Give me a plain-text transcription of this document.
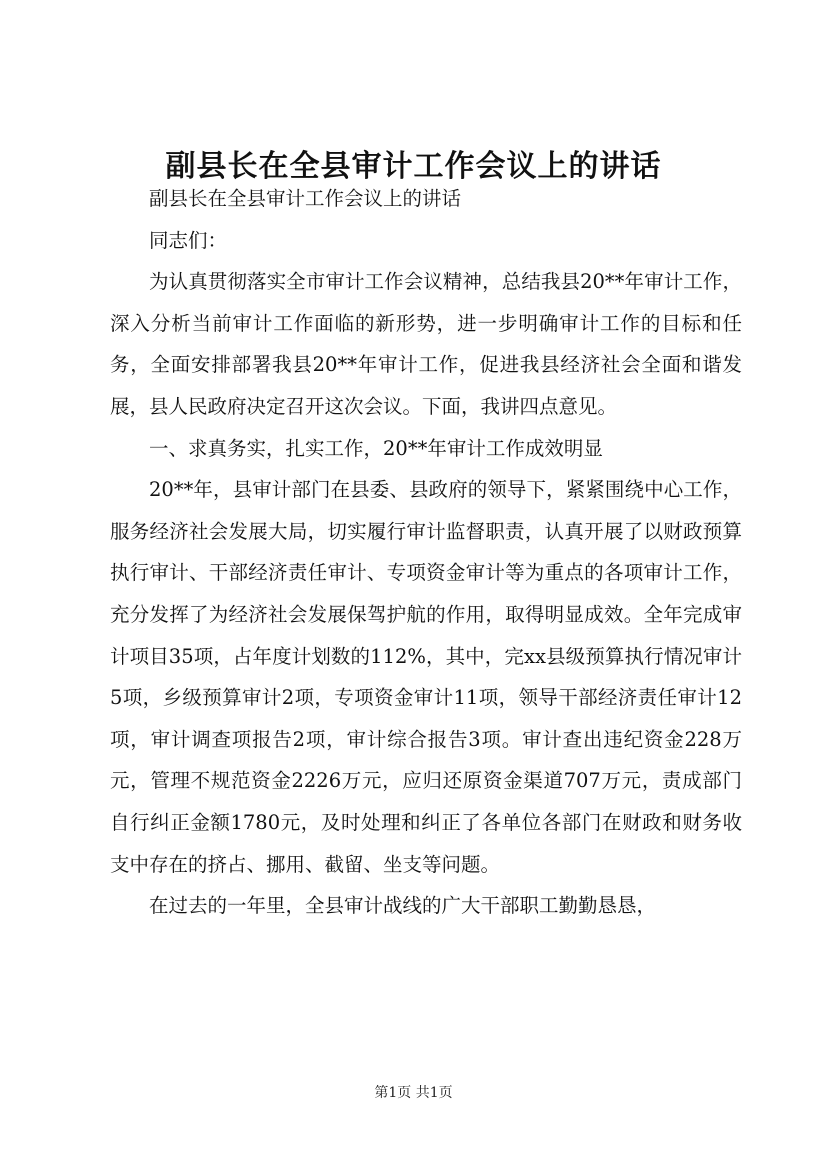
副县长在全县审计工作会议上的讲话

副县长在全县审计工作会议上的讲话

同志们：

为认真贯彻落实全市审计工作会议精神，总结我县20**年审计工作，深入分析当前审计工作面临的新形势，进一步明确审计工作的目标和任务，全面安排部署我县20**年审计工作，促进我县经济社会全面和谐发展，县人民政府决定召开这次会议。下面，我讲四点意见。

一、求真务实，扎实工作，20**年审计工作成效明显

20**年，县审计部门在县委、县政府的领导下，紧紧围绕中心工作，服务经济社会发展大局，切实履行审计监督职责，认真开展了以财政预算执行审计、干部经济责任审计、专项资金审计等为重点的各项审计工作，充分发挥了为经济社会发展保驾护航的作用，取得明显成效。全年完成审计项目35项，占年度计划数的112%，其中，完xx县级预算执行情况审计5项，乡级预算审计2项，专项资金审计11项，领导干部经济责任审计12项，审计调查项报告2项，审计综合报告3项。审计查出违纪资金228万元，管理不规范资金2226万元，应归还原资金渠道707万元，责成部门自行纠正金额1780元，及时处理和纠正了各单位各部门在财政和财务收支中存在的挤占、挪用、截留、坐支等问题。

在过去的一年里，全县审计战线的广大干部职工勤勤恳恳，

第1页 共1页
